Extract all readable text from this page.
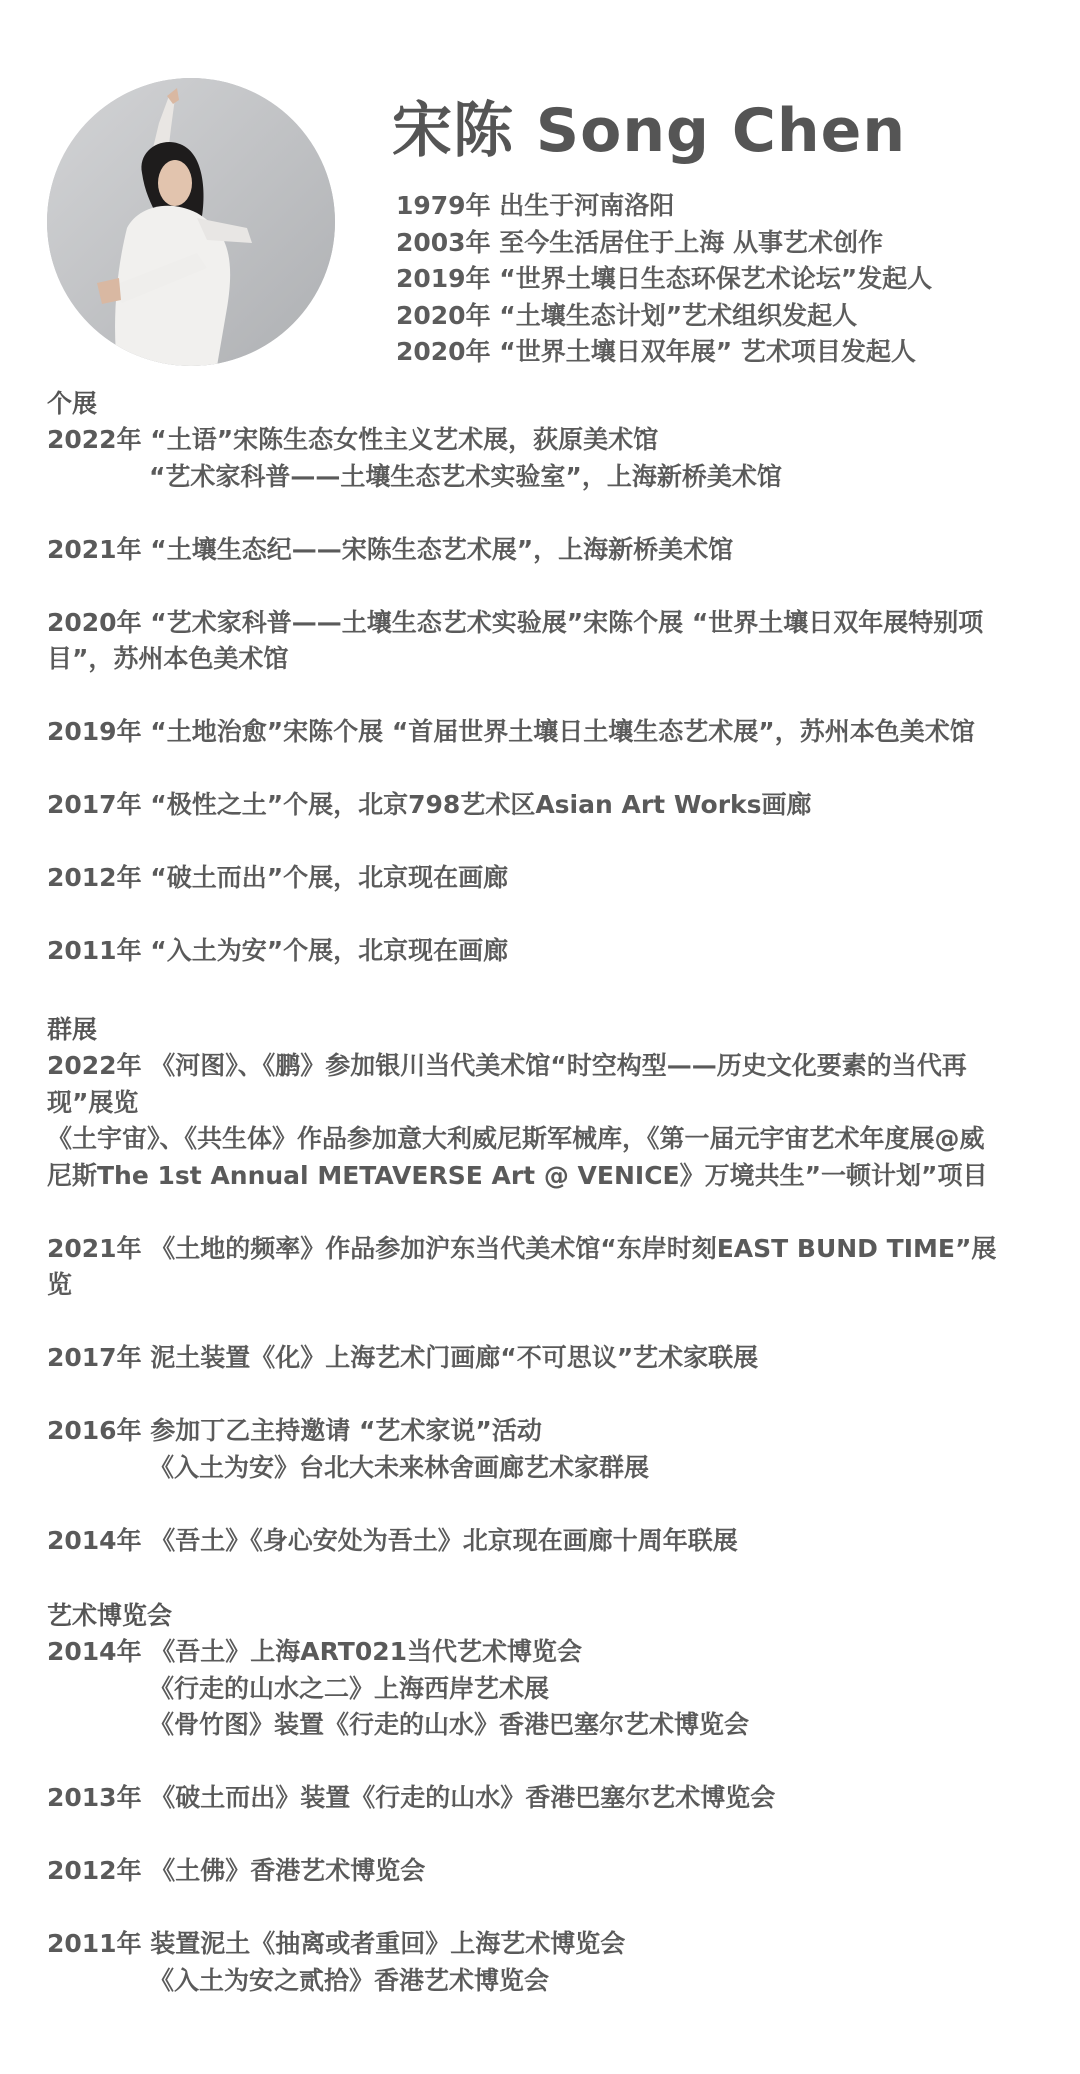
宋陈 Song Chen
1979年 出生于河南洛阳
2003年 至今生活居住于上海 从事艺术创作
2019年 “世界土壤日生态环保艺术论坛”发起人
2020年 “土壤生态计划”艺术组织发起人
2020年 “世界土壤日双年展” 艺术项目发起人
个展
2022年 “土语”宋陈生态女性主义艺术展，荻原美术馆
“艺术家科普——土壤生态艺术实验室”，上海新桥美术馆
2021年 “土壤生态纪——宋陈生态艺术展”，上海新桥美术馆
2020年 “艺术家科普——土壤生态艺术实验展”宋陈个展 “世界土壤日双年展特别项
目”，苏州本色美术馆
2019年 “土地治愈”宋陈个展 “首届世界土壤日土壤生态艺术展”，苏州本色美术馆
2017年 “极性之土”个展，北京798艺术区Asian Art Works画廊
2012年 “破土而出”个展，北京现在画廊
2011年 “入土为安”个展，北京现在画廊
群展
2022年 《河图》、《鹏》参加银川当代美术馆“时空构型——历史文化要素的当代再
现”展览
《土宇宙》、《共生体》作品参加意大利威尼斯军械库，《第一届元宇宙艺术年度展@威
尼斯The 1st Annual METAVERSE Art @ VENICE》万境共生”一顿计划”项目
2021年 《土地的频率》作品参加沪东当代美术馆“东岸时刻EAST BUND TIME”展
览
2017年 泥土装置《化》上海艺术门画廊“不可思议”艺术家联展
2016年 参加丁乙主持邀请 “艺术家说”活动
《入土为安》台北大未来林舍画廊艺术家群展
2014年 《吾土》《身心安处为吾土》北京现在画廊十周年联展
艺术博览会
2014年 《吾土》上海ART021当代艺术博览会
《行走的山水之二》上海西岸艺术展
《骨竹图》装置《行走的山水》香港巴塞尔艺术博览会
2013年 《破土而出》装置《行走的山水》香港巴塞尔艺术博览会
2012年 《土佛》香港艺术博览会
2011年 装置泥土《抽离或者重回》上海艺术博览会
《入土为安之贰拾》香港艺术博览会
